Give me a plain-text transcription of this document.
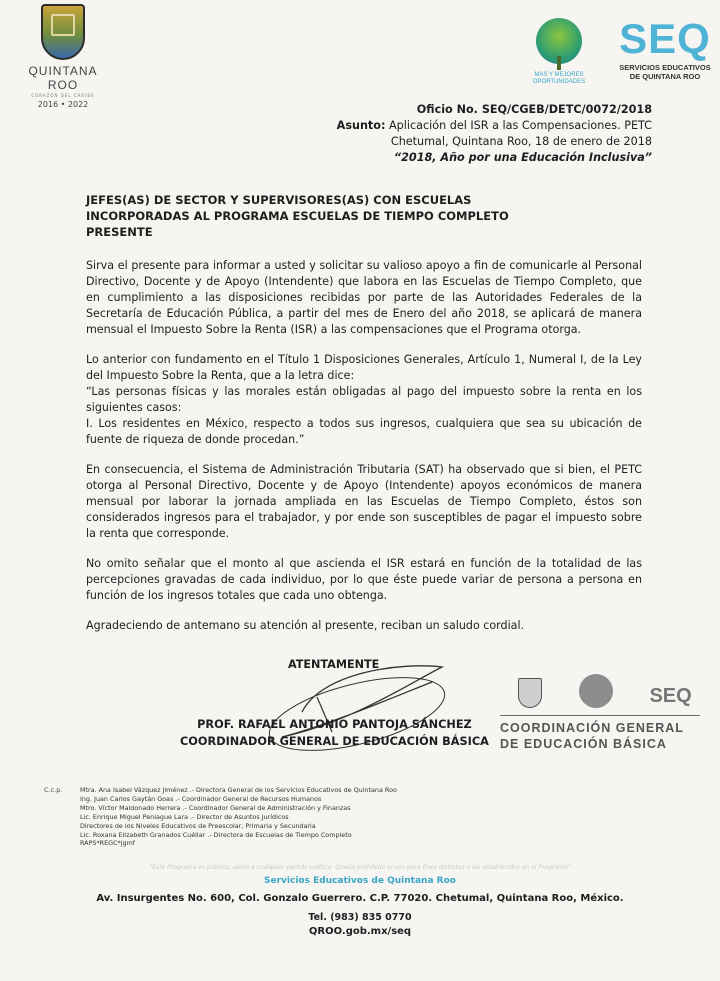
QUINTANA ROO
CORAZÓN DEL CARIBE
2016 • 2022
MAS Y MEJORES
OPORTUNIDADES
SEQ
SERVICIOS EDUCATIVOS
DE QUINTANA ROO
Oficio No. SEQ/CGEB/DETC/0072/2018
Asunto: Aplicación del ISR a las Compensaciones. PETC
Chetumal, Quintana Roo, 18 de enero de 2018
“2018, Año por una Educación Inclusiva”
JEFES(AS) DE SECTOR Y SUPERVISORES(AS) CON ESCUELAS
INCORPORADAS AL PROGRAMA ESCUELAS DE TIEMPO COMPLETO
PRESENTE

Sirva el presente para informar a usted y solicitar su valioso apoyo a fin de comunicarle al Personal Directivo, Docente y de Apoyo (Intendente) que labora en las Escuelas de Tiempo Completo, que en cumplimiento a las disposiciones recibidas por parte de las Autoridades Federales de la Secretaría de Educación Pública, a partir del mes de Enero del año 2018, se aplicará de manera mensual el Impuesto Sobre la Renta (ISR) a las compensaciones que el Programa otorga.

Lo anterior con fundamento en el Título 1 Disposiciones Generales, Artículo 1, Numeral I, de la Ley del Impuesto Sobre la Renta, que a la letra dice:

“Las personas físicas y las morales están obligadas al pago del impuesto sobre la renta en los siguientes casos:

I. Los residentes en México, respecto a todos sus ingresos, cualquiera que sea su ubicación de fuente de riqueza de donde procedan.”

En consecuencia, el Sistema de Administración Tributaria (SAT) ha observado que si bien, el PETC otorga al Personal Directivo, Docente y de Apoyo (Intendente) apoyos económicos de manera mensual por laborar la jornada ampliada en las Escuelas de Tiempo Completo, éstos son considerados ingresos para el trabajador, y por ende son susceptibles de pagar el impuesto sobre la renta que corresponde.

No omito señalar que el monto al que ascienda el ISR estará en función de la totalidad de las percepciones gravadas de cada individuo, por lo que éste puede variar de persona a persona en función de los ingresos totales que cada uno obtenga.

Agradeciendo de antemano su atención al presente, reciban un saludo cordial.

ATENTAMENTE
PROF. RAFAEL ANTONIO PANTOJA SÁNCHEZ
COORDINADOR GENERAL DE EDUCACIÓN BÁSICA
SEQ
COORDINACIÓN GENERAL
DE EDUCACIÓN BÁSICA
C.c.p.	Mtra. Ana Isabel Vázquez Jiménez .- Directora General de los Servicios Educativos de Quintana Roo
Ing. Juan Carlos Gaytán Goas .- Coordinador General de Recursos Humanos
Mtro. Víctor Maldonado Herrera .- Coordinador General de Administración y Finanzas
Lic. Enrique Miguel Peniague Lara .- Director de Asuntos Jurídicos
Directores de los Niveles Educativos de Preescolar, Primaria y Secundaria
Lic. Roxana Elizabeth Granados Cuéllar .- Directora de Escuelas de Tiempo Completo
RAPS*REGC*jgmf
“Este Programa es público, ajeno a cualquier partido político. Queda prohibido el uso para fines distintos a los establecidos en el Programa”
Servicios Educativos de Quintana Roo
Av. Insurgentes No. 600, Col. Gonzalo Guerrero. C.P. 77020. Chetumal, Quintana Roo, México.
Tel. (983) 835 0770
QROO.gob.mx/seq
